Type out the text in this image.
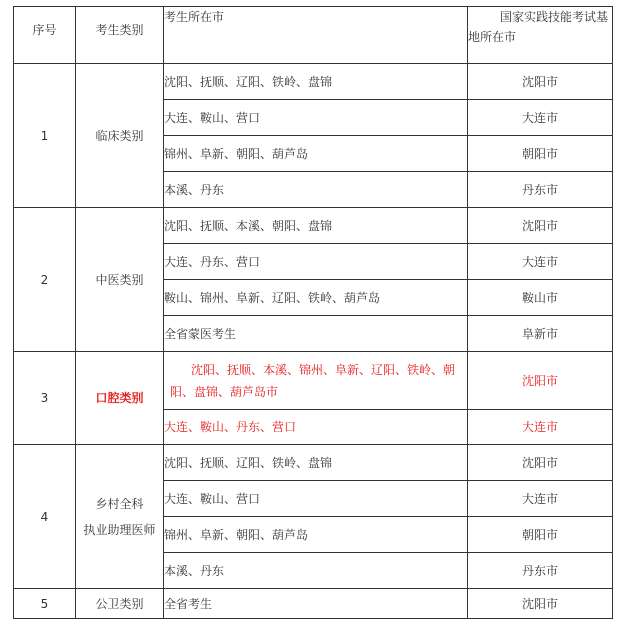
序号	考生类别	考生所在市	国家实践技能考试基
地所在市
1	临床类别	沈阳、抚顺、辽阳、铁岭、盘锦	沈阳市
		大连、鞍山、营口	大连市
		锦州、阜新、朝阳、葫芦岛	朝阳市
		本溪、丹东	丹东市
2	中医类别	沈阳、抚顺、本溪、朝阳、盘锦	沈阳市
		大连、丹东、营口	大连市
		鞍山、锦州、阜新、辽阳、铁岭、葫芦岛	鞍山市
		全省蒙医考生	阜新市
3	口腔类别	沈阳、抚顺、本溪、锦州、阜新、辽阳、铁岭、朝
阳、盘锦、葫芦岛市	沈阳市
		大连、鞍山、丹东、营口	大连市
4	乡村全科
执业助理医师	沈阳、抚顺、辽阳、铁岭、盘锦	沈阳市
		大连、鞍山、营口	大连市
		锦州、阜新、朝阳、葫芦岛	朝阳市
		本溪、丹东	丹东市
5	公卫类别	全省考生	沈阳市
